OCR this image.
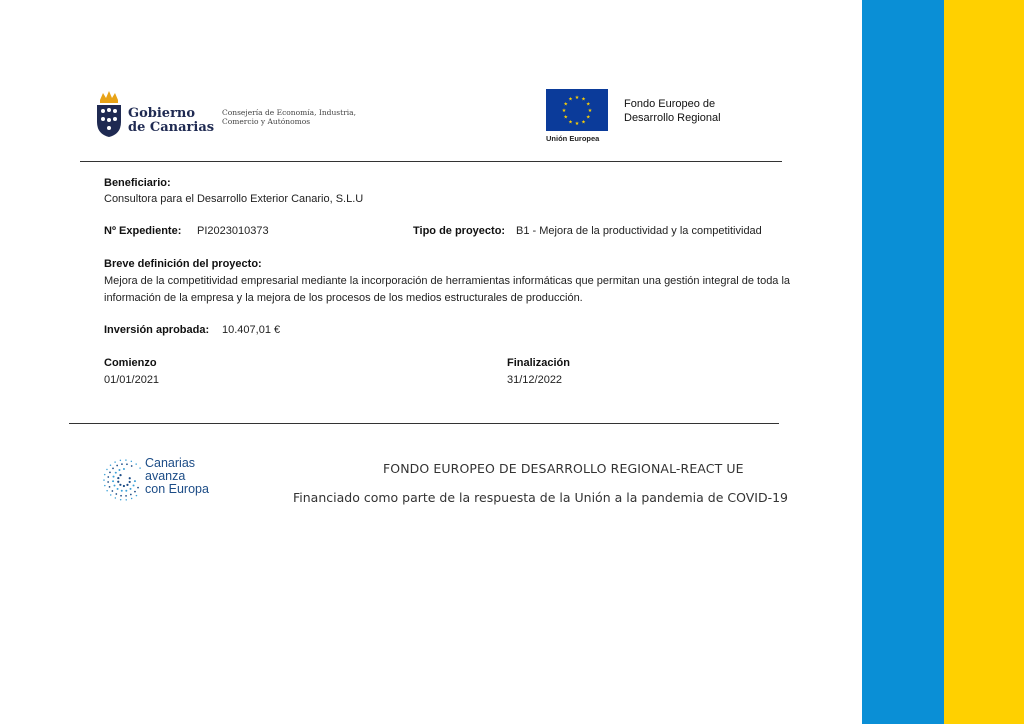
Gobierno
de Canarias
Consejería de Economía, Industria,
Comercio y Autónomos
★ ★
★
★
★
★
★
★
★
★
★
★
Unión Europea
Fondo Europeo de
Desarrollo Regional
Beneficiario:
Consultora para el Desarrollo Exterior Canario, S.L.U
Nº Expediente: PI2023010373	Tipo de proyecto: B1 - Mejora de la productividad y la competitividad
Breve definición del proyecto:
Mejora de la competitividad empresarial mediante la incorporación de herramientas informáticas que permitan una gestión integral de toda la información de la empresa y la mejora de los procesos de los medios estructurales de producción.
Inversión aprobada: 10.407,01 €
Comienzo
01/01/2021
Finalización
31/12/2022
Canarias
avanza
con Europa
FONDO EUROPEO DE DESARROLLO REGIONAL-REACT UE
Financiado como parte de la respuesta de la Unión a la pandemia de COVID-19
